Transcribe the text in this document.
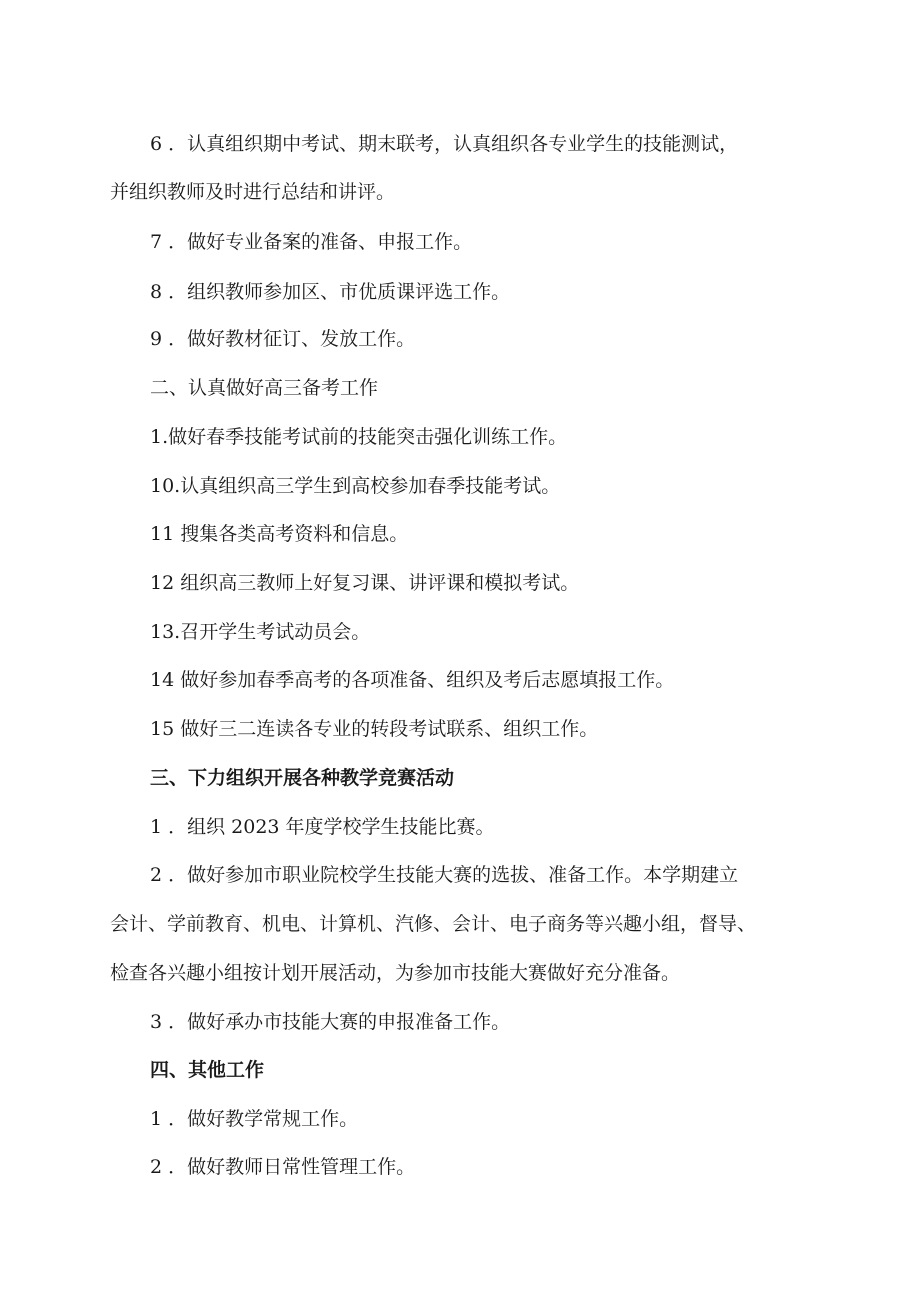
6 ．认真组织期中考试、期末联考，认真组织各专业学生的技能测试，

并组织教师及时进行总结和讲评。

7 ．做好专业备案的准备、申报工作。

8 ．组织教师参加区、市优质课评选工作。

9 ．做好教材征订、发放工作。

二、认真做好高三备考工作

1.做好春季技能考试前的技能突击强化训练工作。

10.认真组织高三学生到高校参加春季技能考试。

11 搜集各类高考资料和信息。

12 组织高三教师上好复习课、讲评课和模拟考试。

13.召开学生考试动员会。

14 做好参加春季高考的各项准备、组织及考后志愿填报工作。

15 做好三二连读各专业的转段考试联系、组织工作。

三、下力组织开展各种教学竞赛活动

1 ．组织 2023 年度学校学生技能比赛。

2 ．做好参加市职业院校学生技能大赛的选拔、准备工作。本学期建立

会计、学前教育、机电、计算机、汽修、会计、电子商务等兴趣小组，督导、

检查各兴趣小组按计划开展活动，为参加市技能大赛做好充分准备。

3 ．做好承办市技能大赛的申报准备工作。

四、其他工作

1 ．做好教学常规工作。

2 ．做好教师日常性管理工作。
